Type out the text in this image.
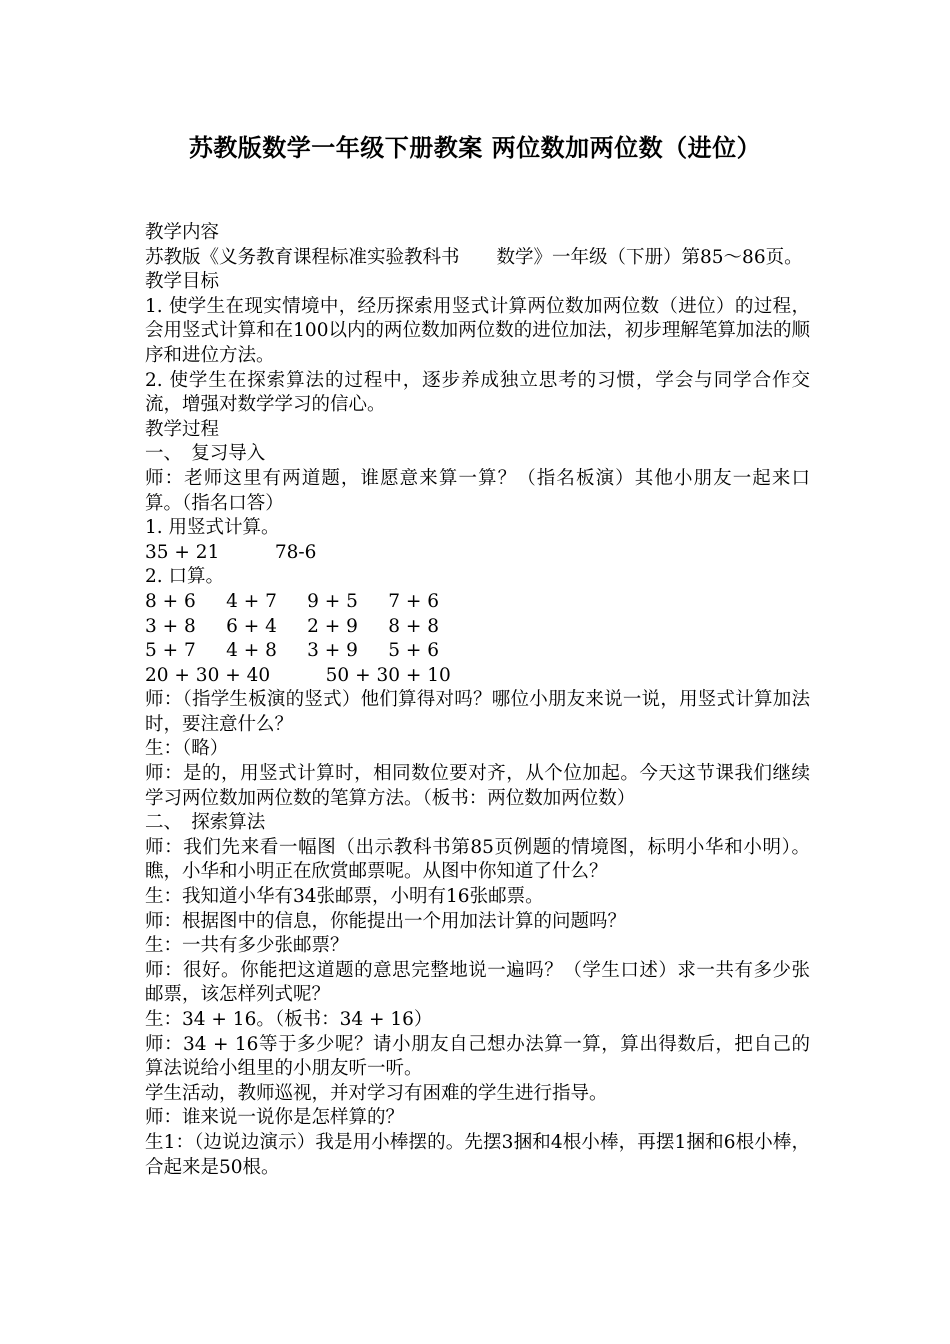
苏教版数学一年级下册教案 两位数加两位数（进位）

教学内容

苏教版《义务教育课程标准实验教科书　　数学》一年级（下册）第85～86页。

教学目标

1. 使学生在现实情境中，经历探索用竖式计算两位数加两位数（进位）的过程，会用竖式计算和在100以内的两位数加两位数的进位加法，初步理解笔算加法的顺序和进位方法。

2. 使学生在探索算法的过程中，逐步养成独立思考的习惯，学会与同学合作交流，增强对数学学习的信心。

教学过程

一、　复习导入

师：老师这里有两道题，谁愿意来算一算？（指名板演）其他小朋友一起来口算。（指名口答）

1. 用竖式计算。

35 + 21　　　78-6

2. 口算。

8 + 6　  4 + 7　  9 + 5　  7 + 6

3 + 8　  6 + 4　  2 + 9　  8 + 8

5 + 7　  4 + 8　  3 + 9　  5 + 6

20 + 30 + 40　　　50 + 30 + 10

师：（指学生板演的竖式）他们算得对吗？哪位小朋友来说一说，用竖式计算加法时，要注意什么？

生：（略）

师：是的，用竖式计算时，相同数位要对齐，从个位加起。今天这节课我们继续学习两位数加两位数的笔算方法。（板书：两位数加两位数）

二、　探索算法

师：我们先来看一幅图（出示教科书第85页例题的情境图，标明小华和小明）。瞧，小华和小明正在欣赏邮票呢。从图中你知道了什么？

生：我知道小华有34张邮票，小明有16张邮票。

师：根据图中的信息，你能提出一个用加法计算的问题吗？

生：一共有多少张邮票？

师：很好。你能把这道题的意思完整地说一遍吗？（学生口述）求一共有多少张邮票，该怎样列式呢？

生：34 + 16。（板书：34 + 16）

师：34 + 16等于多少呢？请小朋友自己想办法算一算，算出得数后，把自己的算法说给小组里的小朋友听一听。

学生活动，教师巡视，并对学习有困难的学生进行指导。

师：谁来说一说你是怎样算的？

生1：（边说边演示）我是用小棒摆的。先摆3捆和4根小棒，再摆1捆和6根小棒，合起来是50根。
